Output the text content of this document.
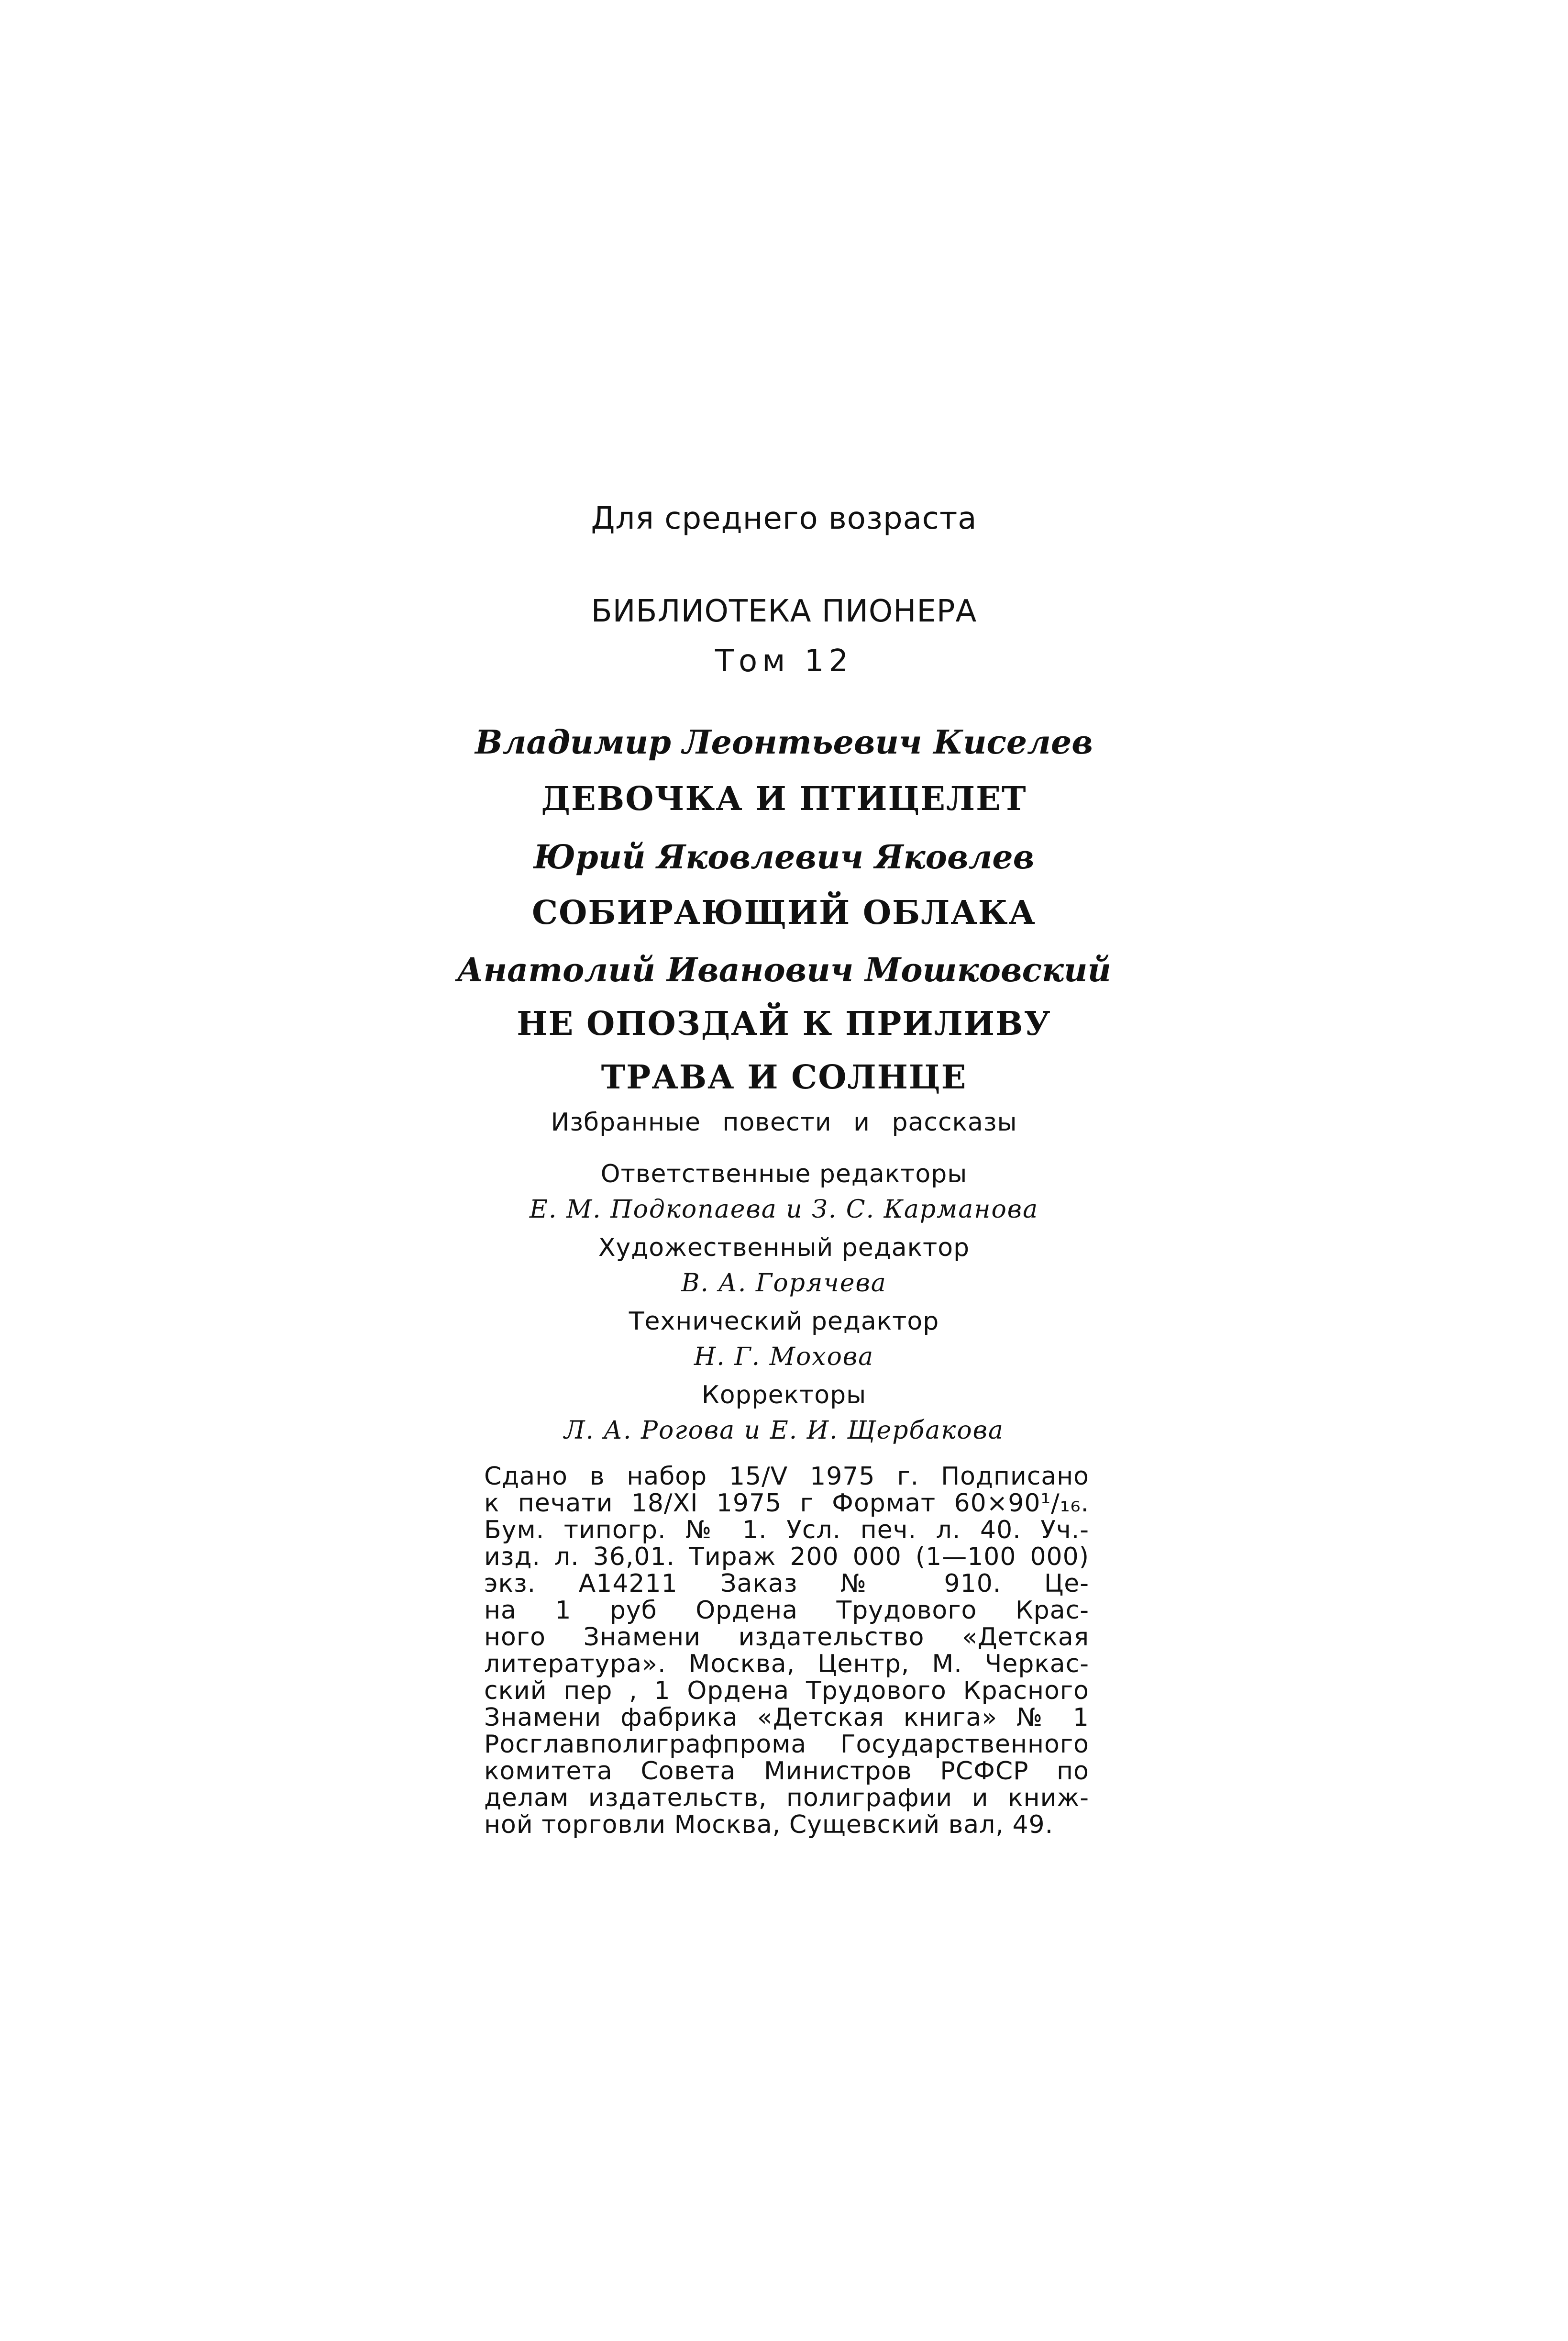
Для среднего возраста

БИБЛИОТЕКА ПИОНЕРА

Том 12

Владимир Леонтьевич Киселев

ДЕВОЧКА И ПТИЦЕЛЕТ

Юрий Яковлевич Яковлев

СОБИРАЮЩИЙ ОБЛАКА

Анатолий Иванович Мошковский

НЕ ОПОЗДАЙ К ПРИЛИВУ

ТРАВА И СОЛНЦЕ

Избранные повести и рассказы

Ответственные редакторы

Е. М. Подкопаева и З. С. Карманова

Художественный редактор

В. А. Горячева

Технический редактор

Н. Г. Мохова

Корректоры

Л. А. Рогова и Е. И. Щербакова

Сдано в набор 15/V 1975 г. Подписано
к печати 18/XI 1975 г Формат 60×90¹/₁₆.
Бум. типогр. № 1. Усл. печ. л. 40. Уч.-
изд. л. 36,01. Тираж 200 000 (1—100 000)
экз. А14211 Заказ № 910. Це-
на 1 руб Ордена Трудового Крас-
ного Знамени издательство «Детская
литература». Москва, Центр, М. Черкас-
ский пер , 1 Ордена Трудового Красного
Знамени фабрика «Детская книга» № 1
Росглавполиграфпрома Государственного
комитета Совета Министров РСФСР по
делам издательств, полиграфии и книж-
ной торговли Москва, Сущевский вал, 49.
